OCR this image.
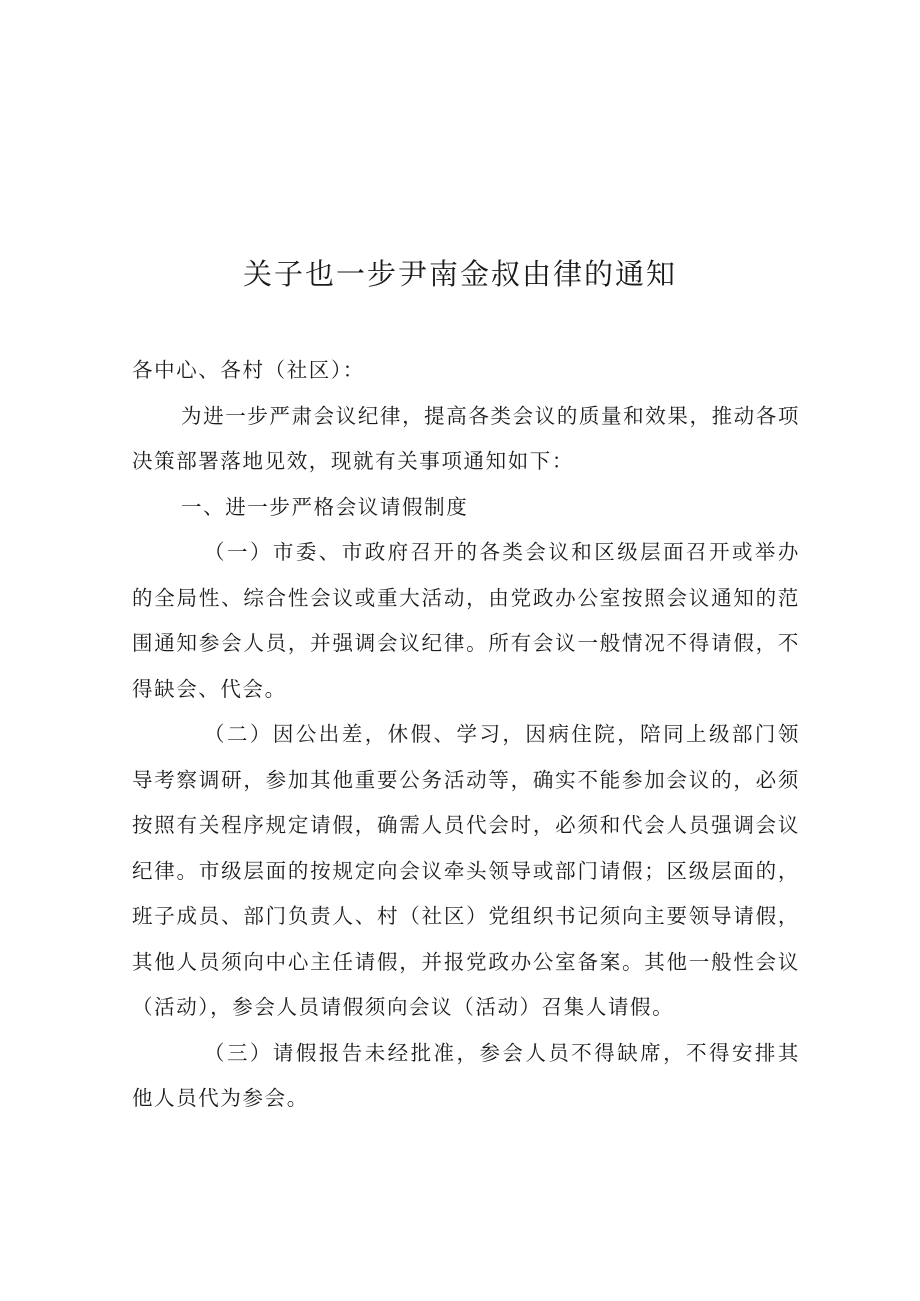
关子也一步尹南金叔由律的通知

各中心、各村（社区）：

为进一步严肃会议纪律，提高各类会议的质量和效果，推动各项决策部署落地见效，现就有关事项通知如下：

一、进一步严格会议请假制度

（一）市委、市政府召开的各类会议和区级层面召开或举办的全局性、综合性会议或重大活动，由党政办公室按照会议通知的范围通知参会人员，并强调会议纪律。所有会议一般情况不得请假，不得缺会、代会。

（二）因公出差，休假、学习，因病住院，陪同上级部门领导考察调研，参加其他重要公务活动等，确实不能参加会议的，必须按照有关程序规定请假，确需人员代会时，必须和代会人员强调会议纪律。市级层面的按规定向会议牵头领导或部门请假；区级层面的，班子成员、部门负责人、村（社区）党组织书记须向主要领导请假，其他人员须向中心主任请假，并报党政办公室备案。其他一般性会议（活动），参会人员请假须向会议（活动）召集人请假。

（三）请假报告未经批准，参会人员不得缺席，不得安排其他人员代为参会。
